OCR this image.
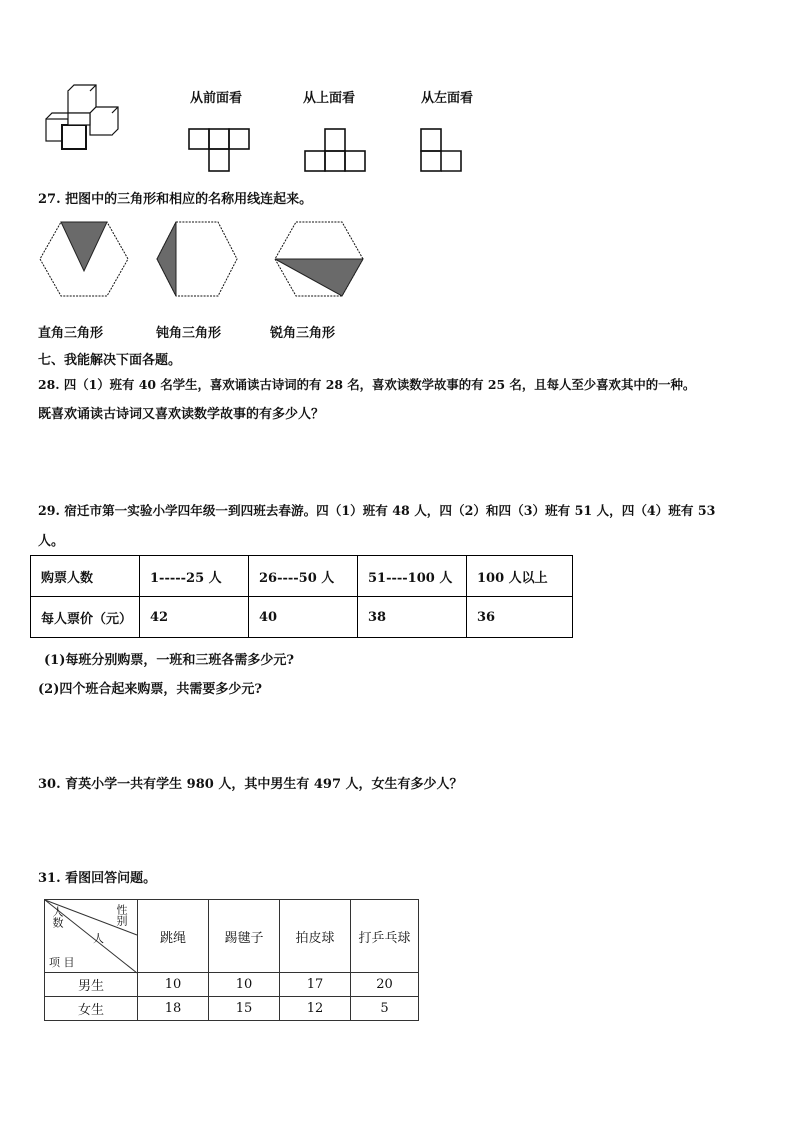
从前面看	从上面看	从左面看
27. 把图中的三角形和相应的名称用线连起来。
直角三角形	钝角三角形	锐角三角形
七、我能解决下面各题。
28. 四（1）班有 40 名学生，喜欢诵读古诗词的有 28 名，喜欢读数学故事的有 25 名，且每人至少喜欢其中的一种。
既喜欢诵读古诗词又喜欢读数学故事的有多少人？
29. 宿迁市第一实验小学四年级一到四班去春游。四（1）班有 48 人，四（2）和四（3）班有 51 人，四（4）班有 53
人。
购票人数	1-----25 人	26----50 人	51----100 人	100 人以上
每人票价（元）	42	40	38	36
(1)每班分别购票，一班和三班各需多少元?
(2)四个班合起来购票，共需要多少元?
30. 育英小学一共有学生 980 人，其中男生有 497 人，女生有多少人？
31. 看图回答问题。
人数
人
性别
项 目	跳绳	踢毽子	拍皮球	打乒乓球
男生	10	10	17	20
女生	18	15	12	5
